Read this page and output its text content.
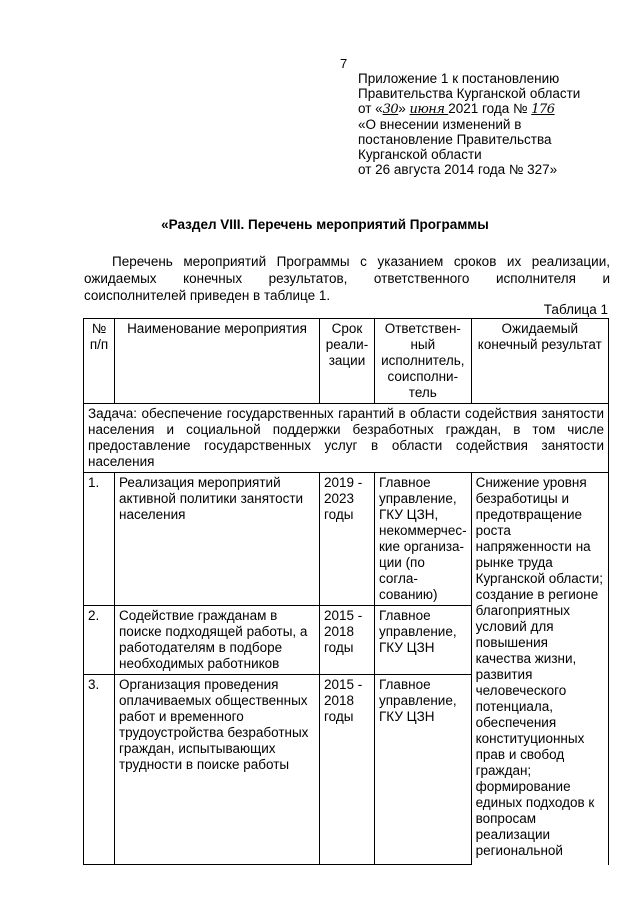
7
Приложение 1 к постановлению
Правительства Курганской области
от «30» июня 2021 года № 176
«О внесении изменений в
постановление Правительства
Курганской области
от 26 августа 2014 года № 327»
«Раздел VIII. Перечень мероприятий Программы
Перечень мероприятий Программы с указанием сроков их реализации,
ожидаемых конечных результатов, ответственного исполнителя и
соисполнителей приведен в таблице 1.
Таблица 1
№ п/п	Наименование мероприятия	Срок реали-зации	Ответствен-ный исполнитель, соисполни-тель	Ожидаемый конечный результат
Задача: обеспечение государственных гарантий в области содействия занятости населения и социальной поддержки безработных граждан, в том числе предоставление государственных услуг в области содействия занятости населения				
1.	Реализация мероприятий активной политики занятости населения	2019 - 2023 годы	Главное управление, ГКУ ЦЗН, некоммерчес-кие организа-ции (по согла-сованию)	Снижение уровня безработицы и предотвращение роста напряженности на рынке труда Курганской области; создание в регионе благоприятных условий для повышения качества жизни, развития человеческого потенциала, обеспечения конституционных прав и свобод граждан; формирование единых подходов к вопросам реализации региональной
2.	Содействие гражданам в поиске подходящей работы, а работодателям в подборе необходимых работников	2015 - 2018 годы	Главное управление, ГКУ ЦЗН	
3.	Организация проведения оплачиваемых общественных работ и временного трудоустройства безработных граждан, испытывающих трудности в поиске работы	2015 - 2018 годы	Главное управление, ГКУ ЦЗН	
